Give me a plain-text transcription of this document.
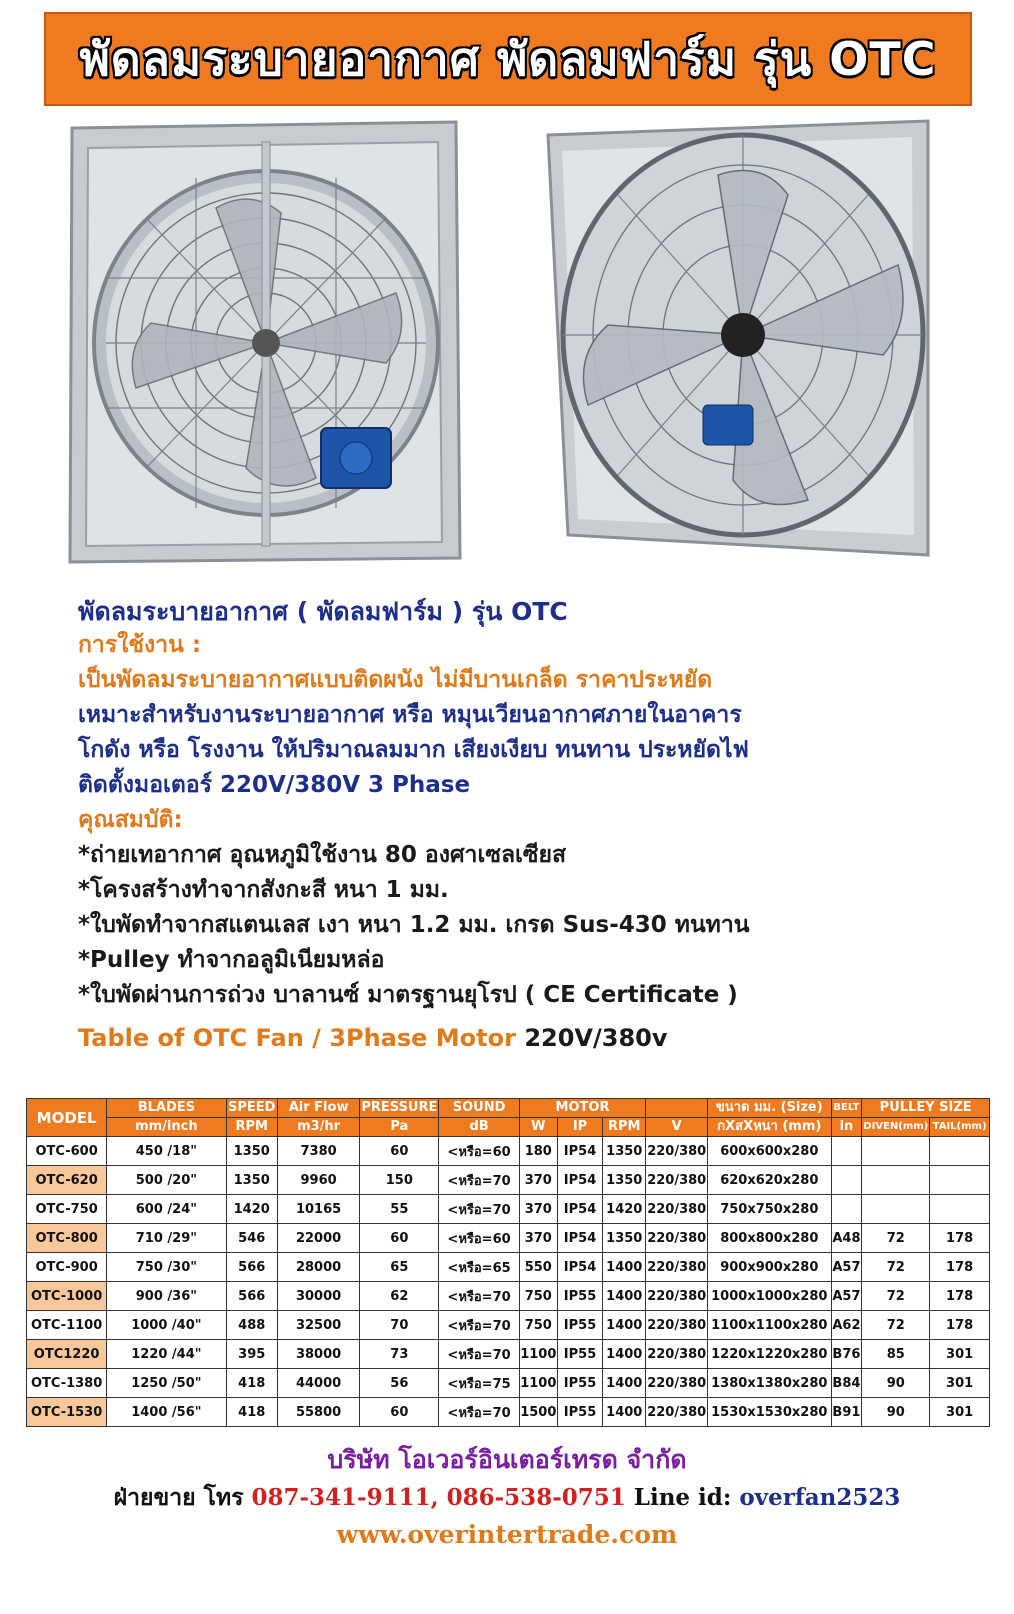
พัดลมระบายอากาศ พัดลมฟาร์ม รุ่น OTC
พัดลมระบายอากาศ ( พัดลมฟาร์ม ) รุ่น OTC
การใช้งาน :
เป็นพัดลมระบายอากาศแบบติดผนัง ไม่มีบานเกล็ด ราคาประหยัด
เหมาะสำหรับงานระบายอากาศ หรือ หมุนเวียนอากาศภายในอาคาร
โกดัง หรือ โรงงาน ให้ปริมาณลมมาก เสียงเงียบ ทนทาน ประหยัดไฟ
ติดตั้งมอเตอร์ 220V/380V 3 Phase
คุณสมบัติ:
*ถ่ายเทอากาศ อุณหภูมิใช้งาน 80 องศาเซลเซียส
*โครงสร้างทำจากสังกะสี หนา 1 มม.
*ใบพัดทำจากสแตนเลส เงา หนา 1.2 มม. เกรด Sus-430 ทนทาน
*Pulley ทำจากอลูมิเนียมหล่อ
*ใบพัดผ่านการถ่วง บาลานซ์ มาตรฐานยุโรป ( CE Certificate )
Table of OTC Fan / 3Phase Motor 220V/380v
MODEL	BLADES	SPEED	Air Flow	PRESSURE	SOUND	MOTOR				ขนาด มม. (Size)	BELT	PULLEY SIZE	
	mm/inch	RPM	m3/hr	Pa	dB	W	IP	RPM	V	กXสXหนา (mm)	in	DIVEN(mm)	TAIL(mm)
OTC-600	450 /18"	1350	7380	60	<หรือ=60	180	IP54	1350	220/380	600x600x280			
OTC-620	500 /20"	1350	9960	150	<หรือ=70	370	IP54	1350	220/380	620x620x280			
OTC-750	600 /24"	1420	10165	55	<หรือ=70	370	IP54	1420	220/380	750x750x280			
OTC-800	710 /29"	546	22000	60	<หรือ=60	370	IP54	1350	220/380	800x800x280	A48	72	178
OTC-900	750 /30"	566	28000	65	<หรือ=65	550	IP54	1400	220/380	900x900x280	A57	72	178
OTC-1000	900 /36"	566	30000	62	<หรือ=70	750	IP55	1400	220/380	1000x1000x280	A57	72	178
OTC-1100	1000 /40"	488	32500	70	<หรือ=70	750	IP55	1400	220/380	1100x1100x280	A62	72	178
OTC1220	1220 /44"	395	38000	73	<หรือ=70	1100	IP55	1400	220/380	1220x1220x280	B76	85	301
OTC-1380	1250 /50"	418	44000	56	<หรือ=75	1100	IP55	1400	220/380	1380x1380x280	B84	90	301
OTC-1530	1400 /56"	418	55800	60	<หรือ=70	1500	IP55	1400	220/380	1530x1530x280	B91	90	301
บริษัท โอเวอร์อินเตอร์เทรด จำกัด
ฝ่ายขาย โทร 087-341-9111, 086-538-0751 Line id: overfan2523
www.overintertrade.com
